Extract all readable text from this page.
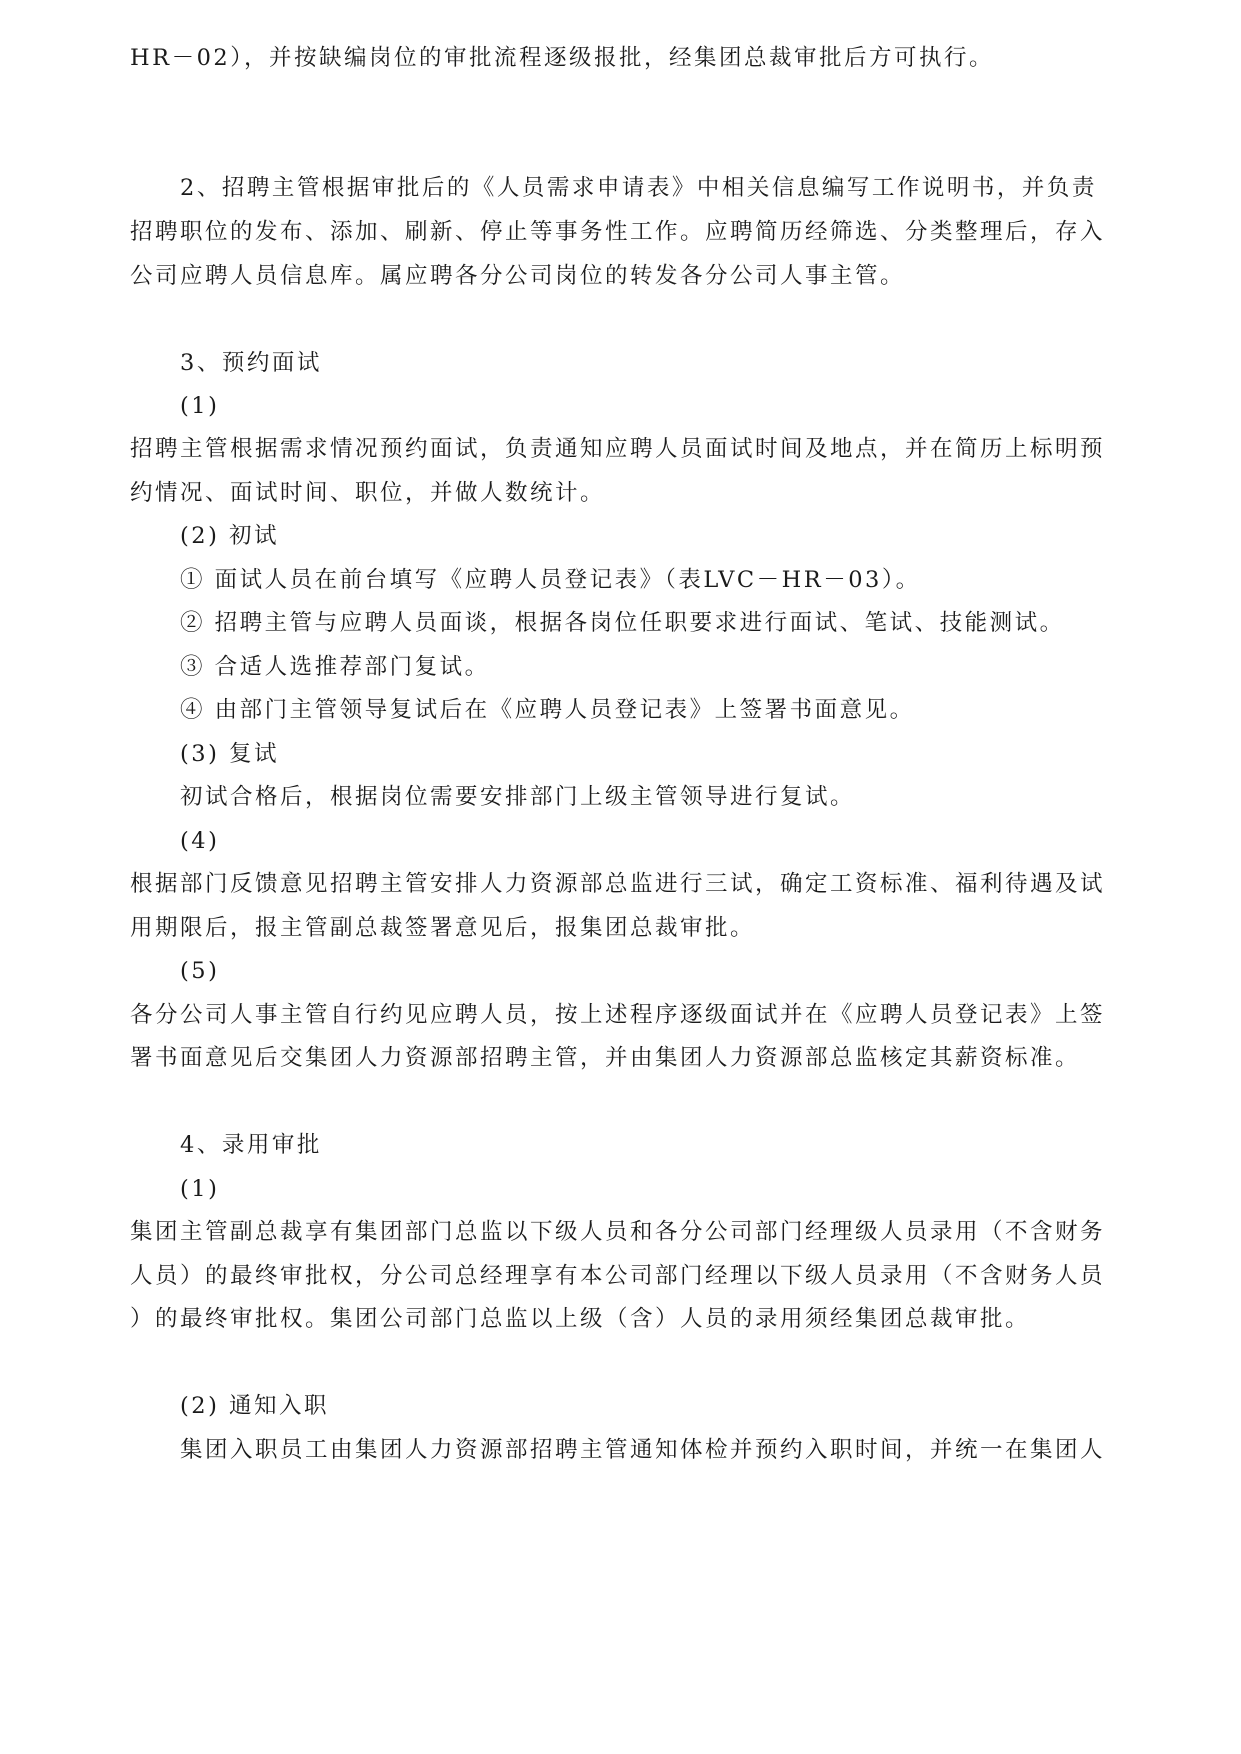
HR－02），并按缺编岗位的审批流程逐级报批，经集团总裁审批后方可执行。
2、招聘主管根据审批后的《人员需求申请表》中相关信息编写工作说明书，并负责
招聘职位的发布、添加、刷新、停止等事务性工作。应聘简历经筛选、分类整理后，存入
公司应聘人员信息库。属应聘各分公司岗位的转发各分公司人事主管。
3、预约面试
(1)
招聘主管根据需求情况预约面试，负责通知应聘人员面试时间及地点，并在简历上标明预
约情况、面试时间、职位，并做人数统计。
(2) 初试
① 面试人员在前台填写《应聘人员登记表》（表LVC－HR－03）。
② 招聘主管与应聘人员面谈，根据各岗位任职要求进行面试、笔试、技能测试。
③ 合适人选推荐部门复试。
④ 由部门主管领导复试后在《应聘人员登记表》上签署书面意见。
(3) 复试
初试合格后，根据岗位需要安排部门上级主管领导进行复试。
(4)
根据部门反馈意见招聘主管安排人力资源部总监进行三试，确定工资标准、福利待遇及试
用期限后，报主管副总裁签署意见后，报集团总裁审批。
(5)
各分公司人事主管自行约见应聘人员，按上述程序逐级面试并在《应聘人员登记表》上签
署书面意见后交集团人力资源部招聘主管，并由集团人力资源部总监核定其薪资标准。
4、录用审批
(1)
集团主管副总裁享有集团部门总监以下级人员和各分公司部门经理级人员录用（不含财务
人员）的最终审批权，分公司总经理享有本公司部门经理以下级人员录用（不含财务人员
）的最终审批权。集团公司部门总监以上级（含）人员的录用须经集团总裁审批。
(2) 通知入职
集团入职员工由集团人力资源部招聘主管通知体检并预约入职时间，并统一在集团人
